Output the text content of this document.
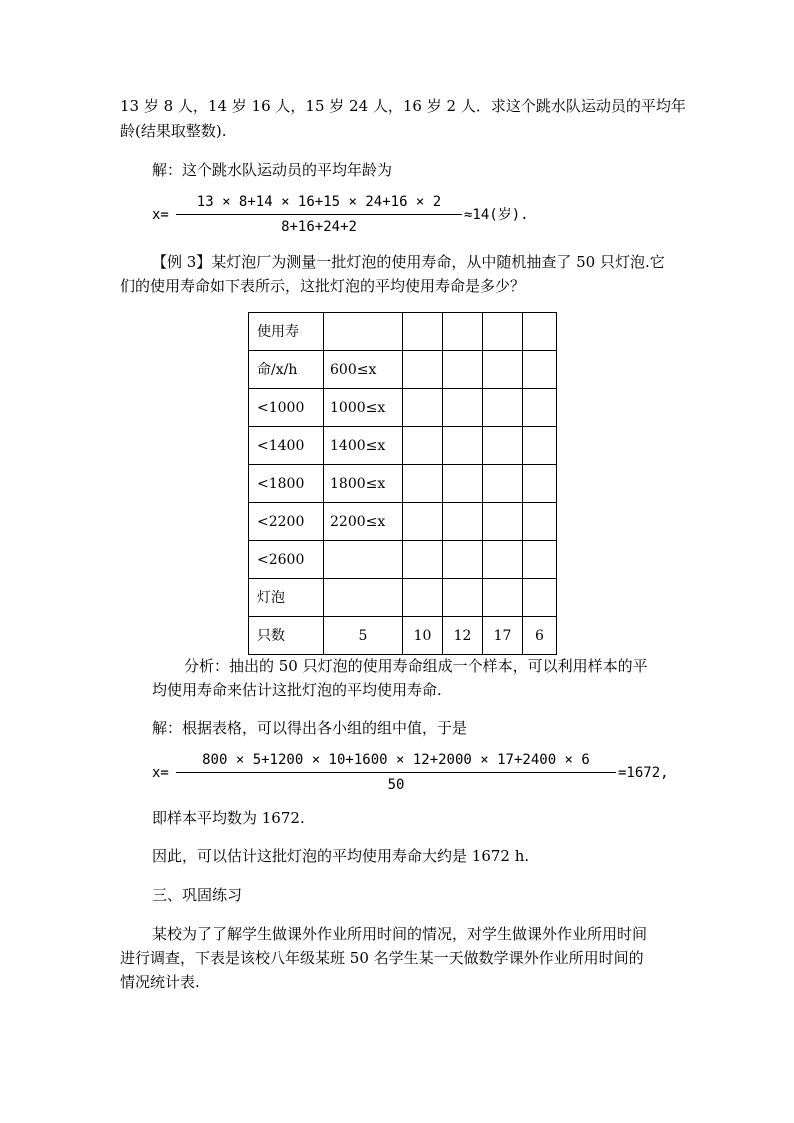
13 岁 8 人，14 岁 16 人，15 岁 24 人，16 岁 2 人．求这个跳水队运动员的平均年
龄(结果取整数).
解：这个跳水队运动员的平均年龄为
x=
13 × 8+14 × 16+15 × 24+16 × 2
8+16+24+2
≈14(岁).
【例 3】某灯泡厂为测量一批灯泡的使用寿命，从中随机抽查了 50 只灯泡.它
们的使用寿命如下表所示，这批灯泡的平均使用寿命是多少？
使用寿					
命/x/h	600≤x				
<1000	1000≤x				
<1400	1400≤x				
<1800	1800≤x				
<2200	2200≤x				
<2600					
灯泡					
只数	5	10	12	17	6
分析：抽出的 50 只灯泡的使用寿命组成一个样本，可以利用样本的平
均使用寿命来估计这批灯泡的平均使用寿命.
解：根据表格，可以得出各小组的组中值，于是
x=
800 × 5+1200 × 10+1600 × 12+2000 × 17+2400 × 6
50
=1672,
即样本平均数为 1672.
因此，可以估计这批灯泡的平均使用寿命大约是 1672 h.
三、巩固练习
某校为了了解学生做课外作业所用时间的情况，对学生做课外作业所用时间
进行调查，下表是该校八年级某班 50 名学生某一天做数学课外作业所用时间的
情况统计表.
